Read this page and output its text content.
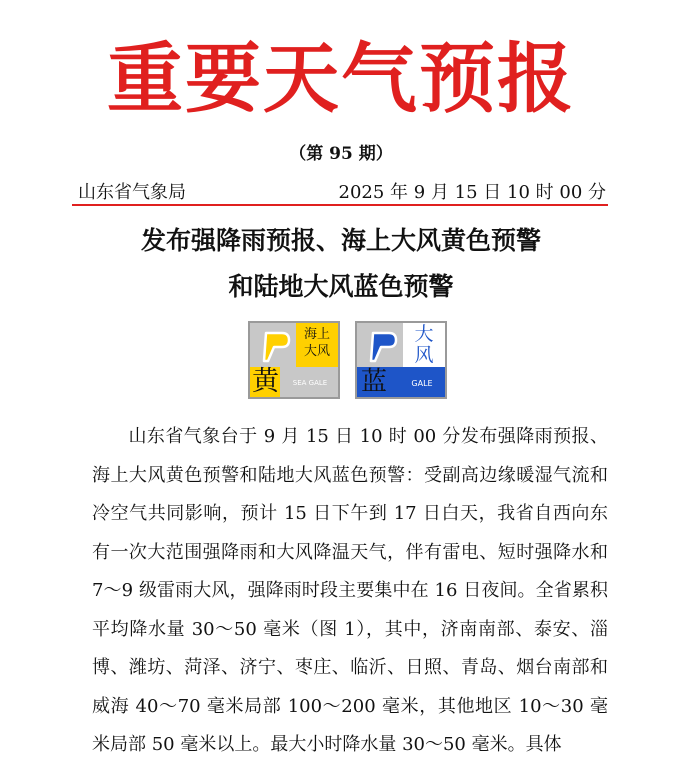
重要天气预报
（第 95 期）
山东省气象局	2025 年 9 月 15 日 10 时 00 分
发布强降雨预报、海上大风黄色预警
和陆地大风蓝色预警
海上
大风
黄	SEA GALE
大
风
蓝	GALE
山东省气象台于 9 月 15 日 10 时 00 分发布强降雨预报、海上大风黄色预警和陆地大风蓝色预警：受副高边缘暖湿气流和冷空气共同影响，预计 15 日下午到 17 日白天，我省自西向东有一次大范围强降雨和大风降温天气，伴有雷电、短时强降水和 7～9 级雷雨大风，强降雨时段主要集中在 16 日夜间。全省累积平均降水量 30～50 毫米（图 1），其中，济南南部、泰安、淄博、潍坊、菏泽、济宁、枣庄、临沂、日照、青岛、烟台南部和威海 40～70 毫米局部 100～200 毫米，其他地区 10～30 毫米局部 50 毫米以上。最大小时降水量 30～50 毫米。具体
